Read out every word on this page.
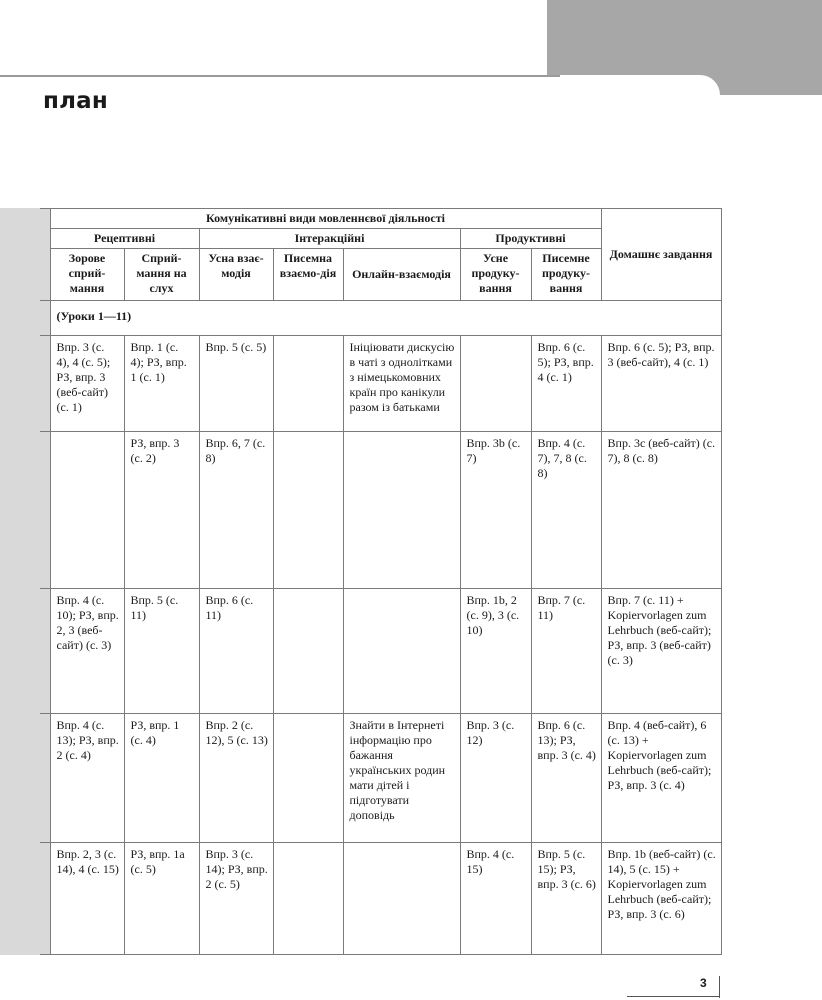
план
	Комунікативні види мовленнєвої діяльності							Домашнє завдання
	Рецептивні		Інтеракційні			Продуктивні		
	Зорове сприй-мання	Сприй-мання на слух	Усна взає-модія	Писемна взаємо-дія	Онлайн-взаємодія	Усне продуку-вання	Писемне продуку-вання	
	(Уроки 1—11)							
	Впр. 3 (с. 4), 4 (с. 5); РЗ, впр. 3 (веб-сайт) (с. 1)	Впр. 1 (с. 4); РЗ, впр. 1 (с. 1)	Впр. 5 (с. 5)		Ініціювати дискусію в чаті з однолітками з німецькомовних країн про канікули разом із батьками		Впр. 6 (с. 5); РЗ, впр. 4 (с. 1)	Впр. 6 (с. 5); РЗ, впр. 3 (веб-сайт), 4 (с. 1)
		РЗ, впр. 3 (с. 2)	Впр. 6, 7 (с. 8)			Впр. 3b (с. 7)	Впр. 4 (с. 7), 7, 8 (с. 8)	Впр. 3c (веб-сайт) (с. 7), 8 (с. 8)
	Впр. 4 (с. 10); РЗ, впр. 2, 3 (веб-сайт) (с. 3)	Впр. 5 (с. 11)	Впр. 6 (с. 11)			Впр. 1b, 2 (с. 9), 3 (с. 10)	Впр. 7 (с. 11)	Впр. 7 (с. 11) + Kopiervorlagen zum Lehrbuch (веб-сайт); РЗ, впр. 3 (веб-сайт) (с. 3)
	Впр. 4 (с. 13); РЗ, впр. 2 (с. 4)	РЗ, впр. 1 (с. 4)	Впр. 2 (с. 12), 5 (с. 13)		Знайти в Інтернеті інформацію про бажання українських родин мати дітей і підготувати доповідь	Впр. 3 (с. 12)	Впр. 6 (с. 13); РЗ, впр. 3 (с. 4)	Впр. 4 (веб-сайт), 6 (с. 13) + Kopiervorlagen zum Lehrbuch (веб-сайт); РЗ, впр. 3 (с. 4)
	Впр. 2, 3 (с. 14), 4 (с. 15)	РЗ, впр. 1a (с. 5)	Впр. 3 (с. 14); РЗ, впр. 2 (с. 5)			Впр. 4 (с. 15)	Впр. 5 (с. 15); РЗ, впр. 3 (с. 6)	Впр. 1b (веб-сайт) (с. 14), 5 (с. 15) + Kopiervorlagen zum Lehrbuch (веб-сайт); РЗ, впр. 3 (с. 6)
3
